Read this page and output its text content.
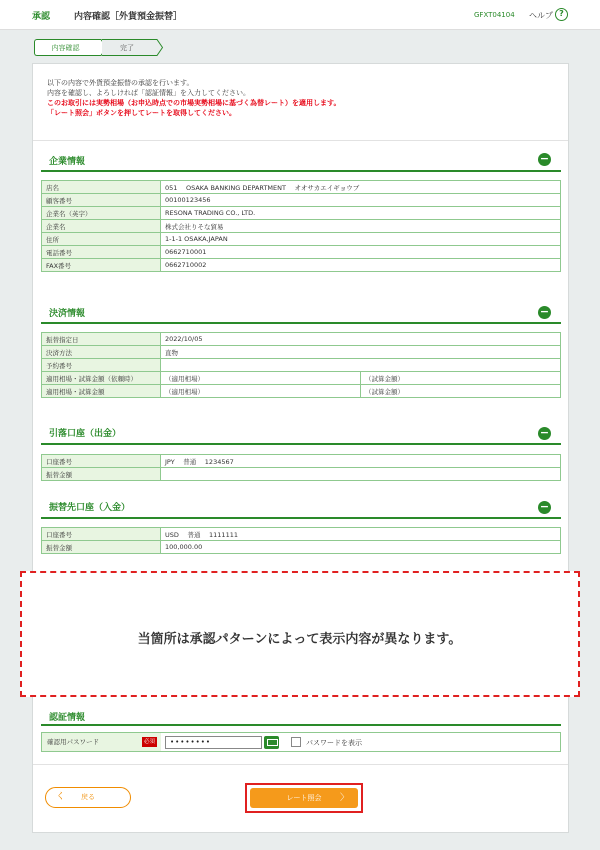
承認	内容確認［外貨預金振替］	GFXT04104 ヘルプ ?
内容確認	完了
以下の内容で外貨預金振替の承認を行います。
内容を確認し、よろしければ「認証情報」を入力してください。
このお取引には実勢相場（お申込時点での市場実勢相場に基づく為替レート）を適用します。
「レート照会」ボタンを押してレートを取得してください。
企業情報	−
店名	051　 OSAKA BANKING DEPARTMENT　 オオサカエイギョウブ
顧客番号	00100123456
企業名（英字）	RESONA TRADING CO., LTD.
企業名	株式会社りそな貿易
住所	1-1-1 OSAKA,JAPAN
電話番号	0662710001
FAX番号	0662710002
決済情報	−
振替指定日	2022/10/05	
決済方法	直物	
予約番号		
適用相場・試算金額（依頼時）	（適用相場）	（試算金額）
適用相場・試算金額	（適用相場）	（試算金額）
引落口座（出金）	−
口座番号	JPY　 普通　 1234567
振替金額	
振替先口座（入金）	−
口座番号	USD　 普通　 1111111
振替金額	100,000.00
認証情報
確認用パスワード	必須	••••••••	パスワードを表示
く 戻る	レート照会 〉
当箇所は承認パターンによって表示内容が異なります。
